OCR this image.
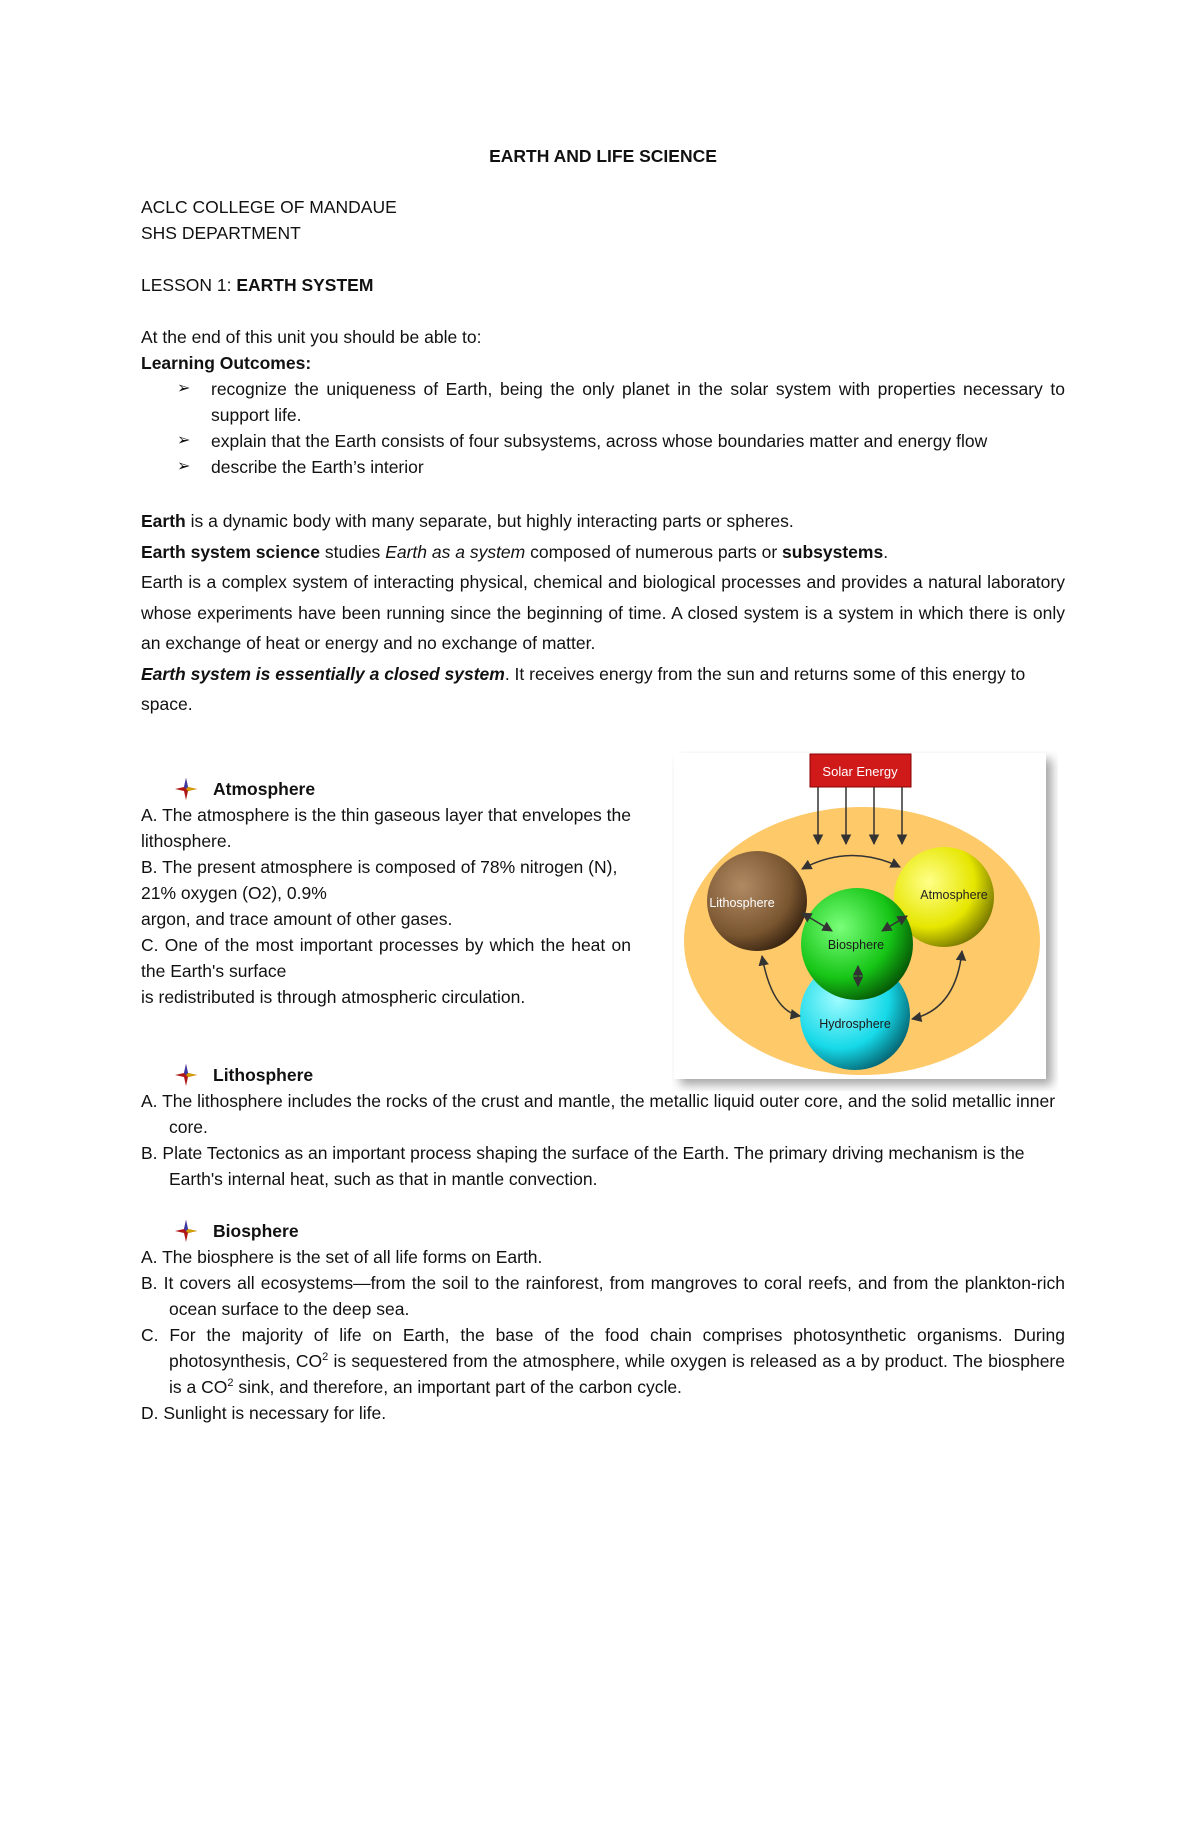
EARTH AND LIFE SCIENCE

ACLC COLLEGE OF MANDAUE

SHS DEPARTMENT

LESSON 1: EARTH SYSTEM

At the end of this unit you should be able to:

Learning Outcomes:

➢ recognize the uniqueness of Earth, being the only planet in the solar system with properties necessary to support life.
➢ explain that the Earth consists of four subsystems, across whose boundaries matter and energy flow
➢ describe the Earth’s interior

Earth is a dynamic body with many separate, but highly interacting parts or spheres.

Earth system science studies Earth as a system composed of numerous parts or subsystems.

Earth is a complex system of interacting physical, chemical and biological processes and provides a natural laboratory whose experiments have been running since the beginning of time. A closed system is a system in which there is only an exchange of heat or energy and no exchange of matter.

Earth system is essentially a closed system. It receives energy from the sun and returns some of this energy to space.

Atmosphere

A. The atmosphere is the thin gaseous layer that envelopes the lithosphere.

B. The present atmosphere is composed of 78% nitrogen (N), 21% oxygen (O2), 0.9%

argon, and trace amount of other gases.

C. One of the most important processes by which the heat on the Earth's surface

is redistributed is through atmospheric circulation.

Lithosphere

A. The lithosphere includes the rocks of the crust and mantle, the metallic liquid outer core, and the solid metallic inner core.

B. Plate Tectonics as an important process shaping the surface of the Earth. The primary driving mechanism is the Earth's internal heat, such as that in mantle convection.

Biosphere

A. The biosphere is the set of all life forms on Earth.

B. It covers all ecosystems—from the soil to the rainforest, from mangroves to coral reefs, and from the plankton-rich ocean surface to the deep sea.

C. For the majority of life on Earth, the base of the food chain comprises photosynthetic organisms. During photosynthesis, $CO^2$ is sequestered from the atmosphere, while oxygen is released as a by product. The biosphere is a $CO^2$ sink, and therefore, an important part of the carbon cycle.

D. Sunlight is necessary for life.

Solar Energy
Lithosphere
Atmosphere
Biosphere
Hydrosphere
